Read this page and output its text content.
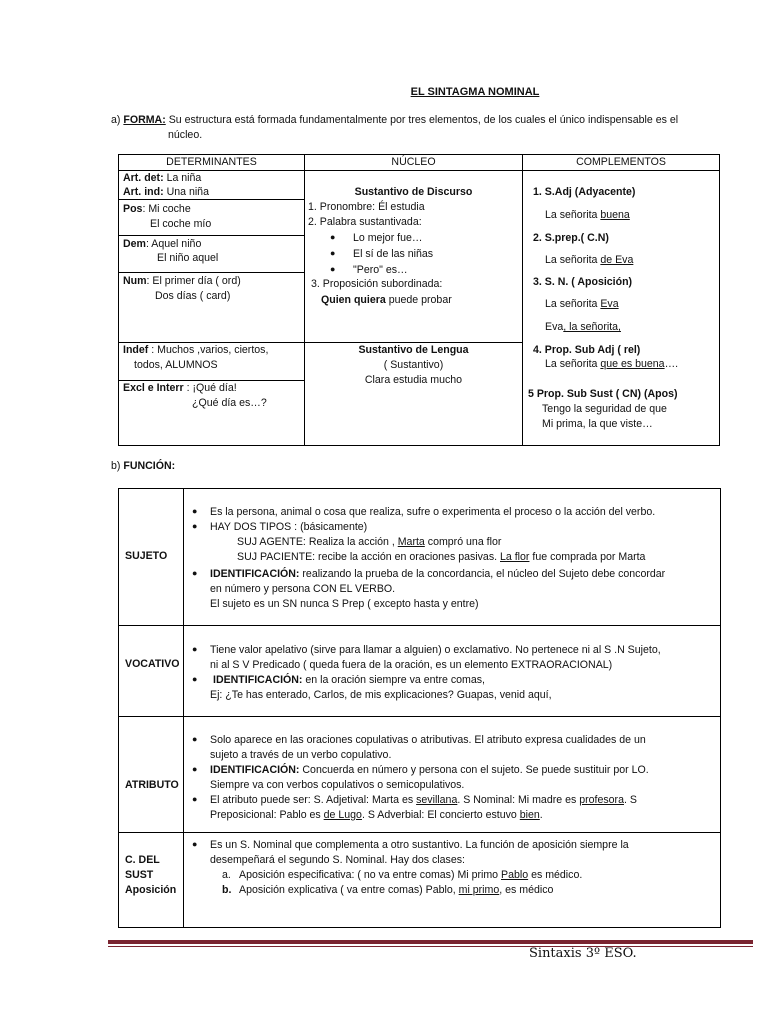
EL SINTAGMA NOMINAL
a) FORMA: Su estructura está formada fundamentalmente por tres elementos, de los cuales el único indispensable es el
núcleo.
DETERMINANTES	NÚCLEO	COMPLEMENTOS
Art. det: La niña
Art. ind: Una niña
Pos: Mi coche
El coche mío
Dem: Aquel niño
El niño aquel
Num: El primer día ( ord)
Dos días ( card)
Indef : Muchos ,varios, ciertos,
todos, ALUMNOS
Excl e Interr : ¡Qué día!
¿Qué día es…?
Sustantivo de Discurso
1. Pronombre: Él estudia
2. Palabra sustantivada:
● Lo mejor fue…
● El sí de las niñas
● "Pero" es…
3. Proposición subordinada:
Quien quiera puede probar
Sustantivo de Lengua
( Sustantivo)
Clara estudia mucho
1. S.Adj (Adyacente)
La señorita buena
2. S.prep.( C.N)
La señorita de Eva
3. S. N. ( Aposición)
La señorita Eva
Eva, la señorita,
4. Prop. Sub Adj ( rel)
La señorita que es buena….
5 Prop. Sub Sust ( CN) (Apos)
Tengo la seguridad de que
Mi prima, la que viste…
b) FUNCIÓN:
SUJETO
● Es la persona, animal o cosa que realiza, sufre o experimenta el proceso o la acción del verbo.
● HAY DOS TIPOS : (básicamente)
SUJ AGENTE: Realiza la acción , Marta compró una flor
SUJ PACIENTE: recibe la acción en oraciones pasivas. La flor fue comprada por Marta
● IDENTIFICACIÓN: realizando la prueba de la concordancia, el núcleo del Sujeto debe concordar
en número y persona CON EL VERBO.
El sujeto es un SN nunca S Prep ( excepto hasta y entre)
VOCATIVO
● Tiene valor apelativo (sirve para llamar a alguien) o exclamativo. No pertenece ni al S .N Sujeto,
ni al S V Predicado ( queda fuera de la oración, es un elemento EXTRAORACIONAL)
● IDENTIFICACIÓN: en la oración siempre va entre comas,
Ej: ¿Te has enterado, Carlos, de mis explicaciones? Guapas, venid aquí,
ATRIBUTO
● Solo aparece en las oraciones copulativas o atributivas. El atributo expresa cualidades de un
sujeto a través de un verbo copulativo.
● IDENTIFICACIÓN: Concuerda en número y persona con el sujeto. Se puede sustituir por LO.
Siempre va con verbos copulativos o semicopulativos.
● El atributo puede ser: S. Adjetival: Marta es sevillana. S Nominal: Mi madre es profesora. S
Preposicional: Pablo es de Lugo. S Adverbial: El concierto estuvo bien.
C. DEL
SUST
Aposición
● Es un S. Nominal que complementa a otro sustantivo. La función de aposición siempre la
desempeñará el segundo S. Nominal. Hay dos clases:
a. Aposición especificativa: ( no va entre comas) Mi primo Pablo es médico.
b. Aposición explicativa ( va entre comas) Pablo, mi primo, es médico
Sintaxis 3º ESO.
